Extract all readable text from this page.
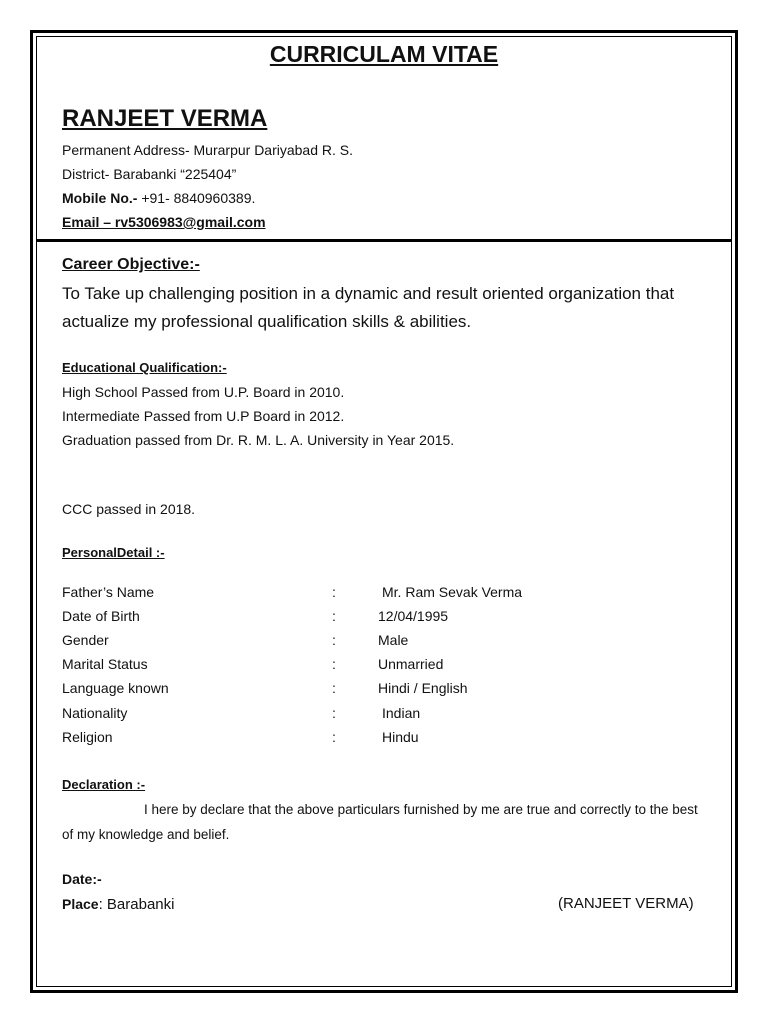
CURRICULAM VITAE
RANJEET VERMA
Permanent Address- Murarpur Dariyabad R. S.
District- Barabanki “225404”
Mobile No.- +91- 8840960389.
Email – rv5306983@gmail.com
Career Objective:-
To Take up challenging position in a dynamic and result oriented organization that actualize my professional qualification skills & abilities.
Educational Qualification:-
High School Passed from U.P. Board in 2010.
Intermediate Passed from U.P Board in 2012.
Graduation passed from Dr. R. M. L. A. University in Year 2015.
CCC passed in 2018.
PersonalDetail :-
Father’s Name	:	Mr. Ram Sevak Verma
Date of Birth	:	12/04/1995
Gender	:	Male
Marital Status	:	Unmarried
Language known	:	Hindi / English
Nationality	:	Indian
Religion	:	Hindu
Declaration :-
I here by declare that the above particulars furnished by me are true and correctly to the best of my knowledge and belief.
Date:-
Place: Barabanki	(RANJEET VERMA)
